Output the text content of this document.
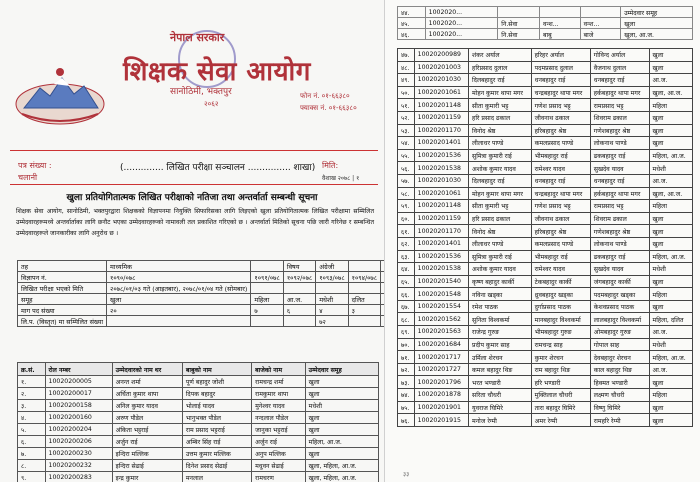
नेपाल सरकार
शिक्षक सेवा आयोग
सानोठिमी, भक्तपुर
२०६२
फोन नं. ०१-६६३८०
फ्याक्स नं. ०१-६६३८०
पत्र संख्या :
चलानी
(.............. लिखित परीक्षा सञ्चालन ............... शाखा) मिति:
वैशाख २०७८ | १
खुला प्रतियोगितात्मक लिखित परीक्षाको नतिजा तथा अन्तर्वार्ता सम्बन्धी सूचना
शिक्षक सेवा आयोग, सानोठिमी, भक्तपुरद्वारा शिक्षकको विज्ञापनमा नियुक्ति सिफारिसका लागि लिइएको खुला प्रतियोगितात्मक लिखित परीक्षामा सम्मिलित उम्मेदवारहरूमध्ये अन्तर्वार्ताका लागि छनौट भएका उम्मेदवारहरूको नामावली तल प्रकाशित गरिएको छ । अन्तर्वार्ता मितिको सूचना पछि जारी गरिनेछ र सम्बन्धित उम्मेदवारहरूले जानकारीका लागि अनुरोध छ ।
तह	माध्यमिक		विषय	अंग्रेजी			
विज्ञापन नं.	१०९०/०७८	१०९१/०७८	१०९२/०७८	१०९३/०७८	१०९४/०७८		
लिखित परीक्षा भएको मिति	२०७८/०१/०३ गते (आइतबार), २०७८/०१/०४ गते (सोमबार)						
समूह	खुला	महिला	आ.ज.	मधेशी	दलित		
माग पद संख्या	२०	७	६	४	३		
लि.प. (विस्तृत) मा सम्मिलित संख्या				७२			
क्र.सं.	रोल नम्बर	उम्मेदवारको नाम थर	बाबुको नाम	बाजेको नाम	उम्मेदवार समूह
१.	10020200005	अनन्त शर्मा	पूर्ण बहादुर जोशी	रामचन्द्र शर्मा	खुला
२.	10020200017	अर्चिता कुमार थापा	दिपक बहादुर	रामकुमार थापा	खुला
३.	10020200158	अनिल कुमार यादव	भोलाई यादव	मुनेश्वर यादव	मधेशी
४.	10020200160	अरुण पौडेल	भानुभक्त पौडेल	नन्दलाल पौडेल	खुला
५.	10020200204	अंकिता भट्टराई	राम प्रसाद भट्टराई	जानुका भट्टराई	खुला
६.	10020200206	अर्जुन राई	अम्बिर सिंह राई	अर्जुन राई	महिला, आ.ज.
७.	10020200230	इन्दिरा मल्लिक	उत्तम कुमार मल्लिक	अनुप मल्लिक	खुला
८.	10020200232	इन्दिरा सेढाई	दिनेश प्रसाद सेढाई	मधुवन सेढाई	खुला, महिला, आ.ज.
९.	10020200283	इन्द्र कुमार	मनलाल	रामचरण	खुला, महिला, आ.ज.
४४.	1002020...				उम्मेदवार समूह
४५.	1002020...	नि.सेवा	वन्श...	वन्श...	खुला
४६.	1002020...	नि.सेवा	बाबु	बाजे	खुला, आ.ज.
४७.	10020200989	शंकर अर्याल	हरिहर अर्याल	गोविन्द अर्याल	खुला
४८.	10020201003	हरिप्रसाद दुलाल	पदमप्रसाद दुलाल	वैजनाथ दुलाल	खुला
४९.	10020201030	दिलबहादुर राई	धनबहादुर राई	धनबहादुर राई	आ.ज.
५०.	10020201061	मोहन कुमार थापा मगर	चन्द्रबहादुर थापा मगर	हर्कबहादुर थापा मगर	खुला, आ.ज.
५१.	10020201148	सीता कुमारी भट्ट	गणेश प्रसाद भट्ट	रामप्रसाद भट्ट	महिला
५२.	10020201159	हरि प्रसाद ढकाल	जीवनाथ ढकाल	शिवराम ढकाल	खुला
५३.	10020201170	विनोद श्रेष्ठ	हरिबहादुर श्रेष्ठ	गणेशबहादुर श्रेष्ठ	खुला
५४.	10020201401	लीलाधर पाण्डे	कमलप्रसाद पाण्डे	लोकनाथ पाण्डे	खुला
५५.	10020201536	सुमित्रा कुमारी राई	भीमबहादुर राई	ढकबहादुर राई	महिला, आ.ज.
५६.	10020201538	अशोक कुमार यादव	रामेश्वर यादव	सुखदेव यादव	मधेशी
५७.	10020201030	दिलबहादुर राई	धनबहादुर राई	धनबहादुर राई	आ.ज.
५८.	10020201061	मोहन कुमार थापा मगर	चन्द्रबहादुर थापा मगर	हर्कबहादुर थापा मगर	खुला, आ.ज.
५९.	10020201148	सीता कुमारी भट्ट	गणेश प्रसाद भट्ट	रामप्रसाद भट्ट	महिला
६०.	10020201159	हरि प्रसाद ढकाल	जीवनाथ ढकाल	शिवराम ढकाल	खुला
६१.	10020201170	विनोद श्रेष्ठ	हरिबहादुर श्रेष्ठ	गणेशबहादुर श्रेष्ठ	खुला
६२.	10020201401	लीलाधर पाण्डे	कमलप्रसाद पाण्डे	लोकनाथ पाण्डे	खुला
६३.	10020201536	सुमित्रा कुमारी राई	भीमबहादुर राई	ढकबहादुर राई	महिला, आ.ज.
६४.	10020201538	अशोक कुमार यादव	रामेश्वर यादव	सुखदेव यादव	मधेशी
६५.	10020201540	कृष्ण बहादुर कार्की	टेकबहादुर कार्की	जंगबहादुर कार्की	खुला
६६.	10020201548	नविना खड्का	ध्रुवबहादुर खड्का	पदमबहादुर खड्का	महिला
६७.	10020201554	रमेश पाठक	दुर्गाप्रसाद पाठक	केशवप्रसाद पाठक	खुला
६८.	10020201562	सुनिता विश्वकर्मा	मानबहादुर विश्वकर्मा	लालबहादुर विश्वकर्मा	महिला, दलित
६९.	10020201563	राजेन्द्र गुरुङ	भीमबहादुर गुरुङ	ओमबहादुर गुरुङ	आ.ज.
७०.	10020201684	प्रदीप कुमार साह	रामचन्द्र साह	गोपाल साह	मधेशी
७१.	10020201717	उर्मिला शेरचन	कुमार शेरचन	देवबहादुर शेरचन	महिला, आ.ज.
७२.	10020201727	कमल बहादुर थिङ	राम बहादुर थिङ	काल बहादुर थिङ	आ.ज.
७३.	10020201796	भरत भण्डारी	हरि भण्डारी	हिक्मत भण्डारी	खुला
७४.	10020201878	सरिता चौधरी	मुक्तिलाल चौधरी	लक्ष्मण चौधरी	महिला
७५.	10020201901	युवराज घिमिरे	तारा बहादुर घिमिरे	विष्णु घिमिरे	खुला
७६.	10020201915	मनोज रेग्मी	अमर रेग्मी	रामहरि रेग्मी	खुला
३३
